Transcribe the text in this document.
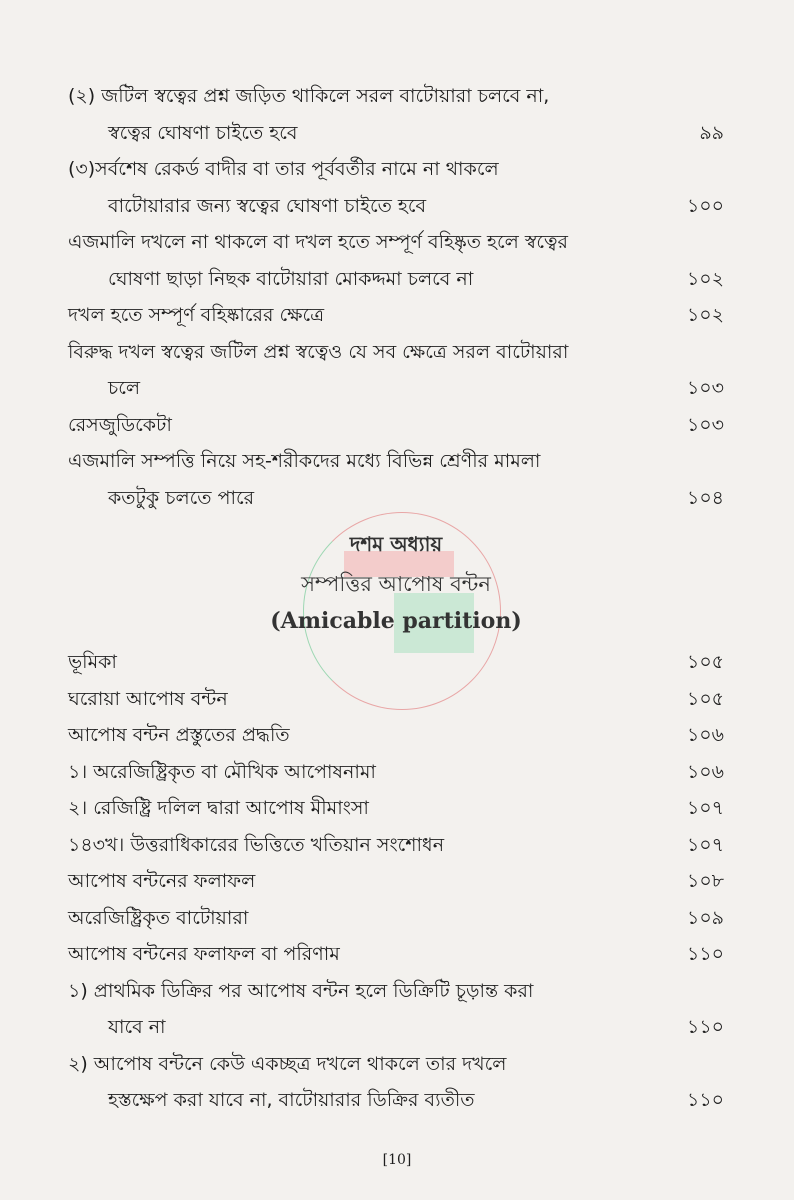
(২) জটিল স্বত্বের প্রশ্ন জড়িত থাকিলে সরল বাটোয়ারা চলবে না,
স্বত্বের ঘোষণা চাইতে হবে	৯৯
(৩)সর্বশেষ রেকর্ড বাদীর বা তার পূর্ববর্তীর নামে না থাকলে
বাটোয়ারার জন্য স্বত্বের ঘোষণা চাইতে হবে	১০০
এজমালি দখলে না থাকলে বা দখল হতে সম্পূর্ণ বহিষ্কৃত হলে স্বত্বের
ঘোষণা ছাড়া নিছক বাটোয়ারা মোকদ্দমা চলবে না	১০২
দখল হতে সম্পূর্ণ বহিষ্কারের ক্ষেত্রে	১০২
বিরুদ্ধ দখল স্বত্বের জটিল প্রশ্ন স্বত্বেও যে সব ক্ষেত্রে সরল বাটোয়ারা
চলে	১০৩
রেসজুডিকেটা	১০৩
এজমালি সম্পত্তি নিয়ে সহ-শরীকদের মধ্যে বিভিন্ন শ্রেণীর মামলা
কতটুকু চলতে পারে	১০৪
দশম অধ্যায়
সম্পত্তির আপোষ বন্টন
(Amicable partition)
ভূমিকা	১০৫
ঘরোয়া আপোষ বন্টন	১০৫
আপোষ বন্টন প্রস্তুতের প্রদ্ধতি	১০৬
১। অরেজিষ্ট্রিকৃত বা মৌখিক আপোষনামা	১০৬
২। রেজিষ্ট্রি দলিল দ্বারা আপোষ মীমাংসা	১০৭
১৪৩খ। উত্তরাধিকারের ভিত্তিতে খতিয়ান সংশোধন	১০৭
আপোষ বন্টনের ফলাফল	১০৮
অরেজিষ্ট্রিকৃত বাটোয়ারা	১০৯
আপোষ বন্টনের ফলাফল বা পরিণাম	১১০
১) প্রাথমিক ডিক্রির পর আপোষ বন্টন হলে ডিক্রিটি চূড়ান্ত করা
যাবে না	১১০
২) আপোষ বন্টনে কেউ একচ্ছত্র দখলে থাকলে তার দখলে
হস্তক্ষেপ করা যাবে না, বাটোয়ারার ডিক্রির ব্যতীত	১১০
[10]
